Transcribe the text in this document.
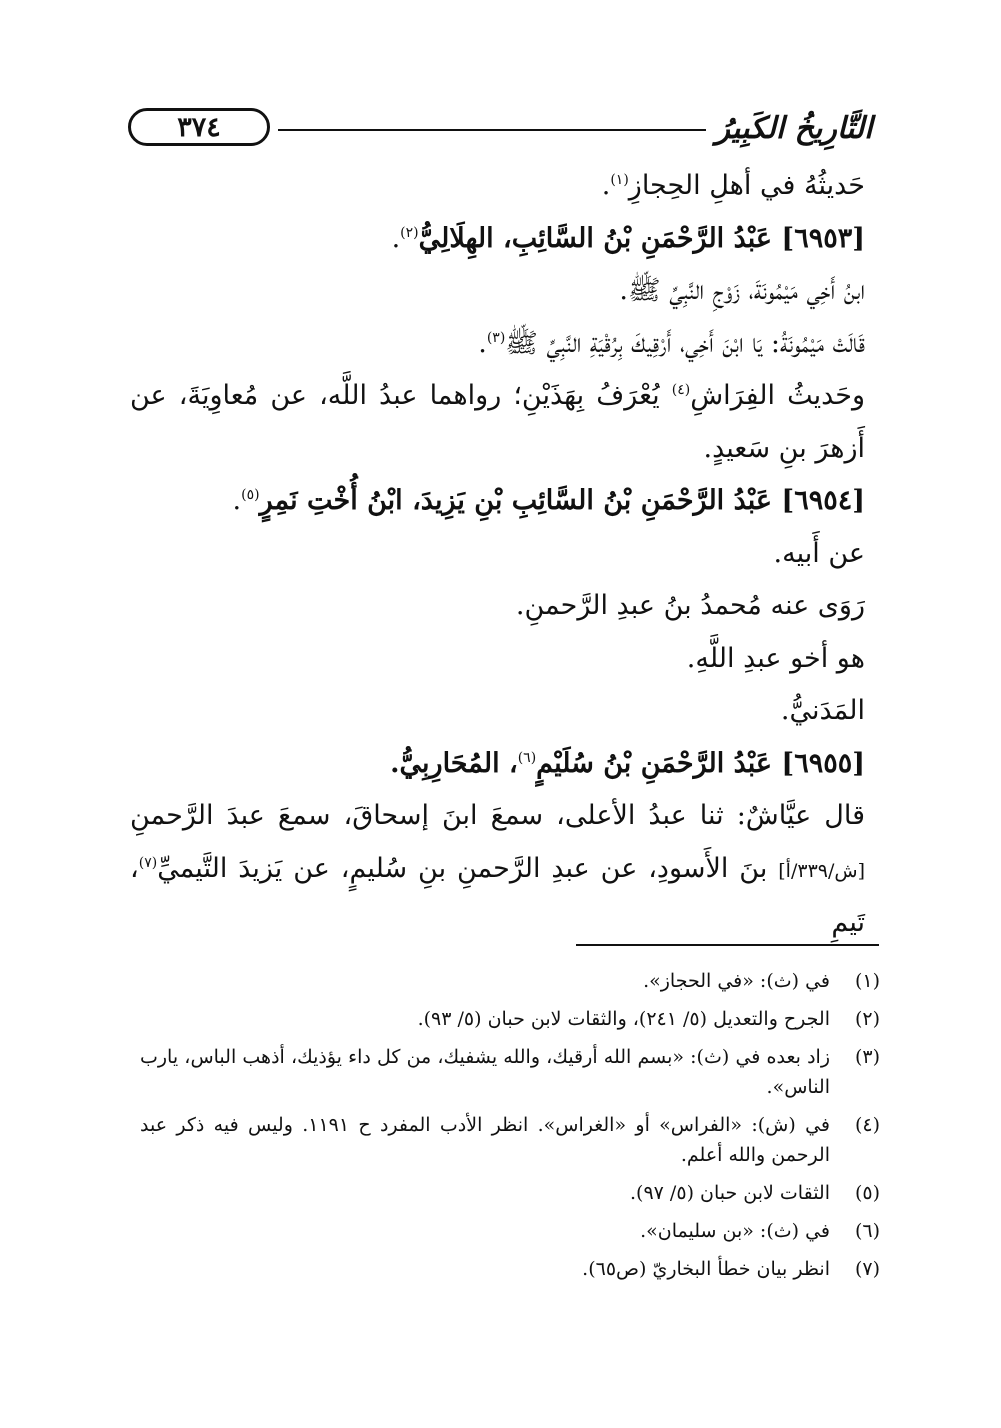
٣٧٤	التَّارِيخُ الكَبِيرُ

حَديثُهُ في أهلِ الحِجازِ$^{(١)}$.

[٦٩٥٣] عَبْدُ الرَّحْمَنِ بْنُ السَّائِبِ، الهِلَالِيُّ$^{(٢)}$.

ابنُ أَخِي مَيْمُونَةَ، زَوْجِ النَّبِيِّ ﷺ.

قَالَتْ مَيْمُونَةُ: يَا ابْنَ أَخِي، أَرْقِيكَ بِرُقْيَةِ النَّبِيِّ ﷺ$^{(٣)}$.

وحَديثُ الفِرَاشِ$^{(٤)}$ يُعْرَفُ بِهَذَيْنِ؛ رواهما عبدُ اللَّه، عن مُعاوِيَةَ، عن أَزهرَ بنِ سَعيدٍ.

[٦٩٥٤] عَبْدُ الرَّحْمَنِ بْنُ السَّائِبِ بْنِ يَزِيدَ، ابْنُ أُخْتِ نَمِرٍ$^{(٥)}$.

عن أَبيه.

رَوَى عنه مُحمدُ بنُ عبدِ الرَّحمنِ.

هو أخو عبدِ اللَّهِ.

المَدَنيُّ.

[٦٩٥٥] عَبْدُ الرَّحْمَنِ بْنُ سُلَيْمٍ$^{(٦)}$، المُحَارِبِيُّ.

قال عيَّاشٌ: ثنا عبدُ الأعلى، سمعَ ابنَ إسحاقَ، سمعَ عبدَ الرَّحمنِ [ش/٣٣٩/أ] بنَ الأَسودِ، عن عبدِ الرَّحمنِ بنِ سُليمٍ، عن يَزيدَ التَّيميِّ$^{(٧)}$، تَيمِ

(١)
في (ث): «في الحجاز».
(٢)
الجرح والتعديل (٥/ ٢٤١)، والثقات لابن حبان (٥/ ٩٣).
(٣)
زاد بعده في (ث): «بسم الله أرقيك، والله يشفيك، من كل داء يؤذيك، أذهب الباس، يارب الناس».
(٤)
في (ش): «الفراس» أو «الغراس». انظر الأدب المفرد ح ١١٩١. وليس فيه ذكر عبد الرحمن والله أعلم.
(٥)
الثقات لابن حبان (٥/ ٩٧).
(٦)
في (ث): «بن سليمان».
(٧)
انظر بيان خطأ البخاريّ (ص٦٥).
